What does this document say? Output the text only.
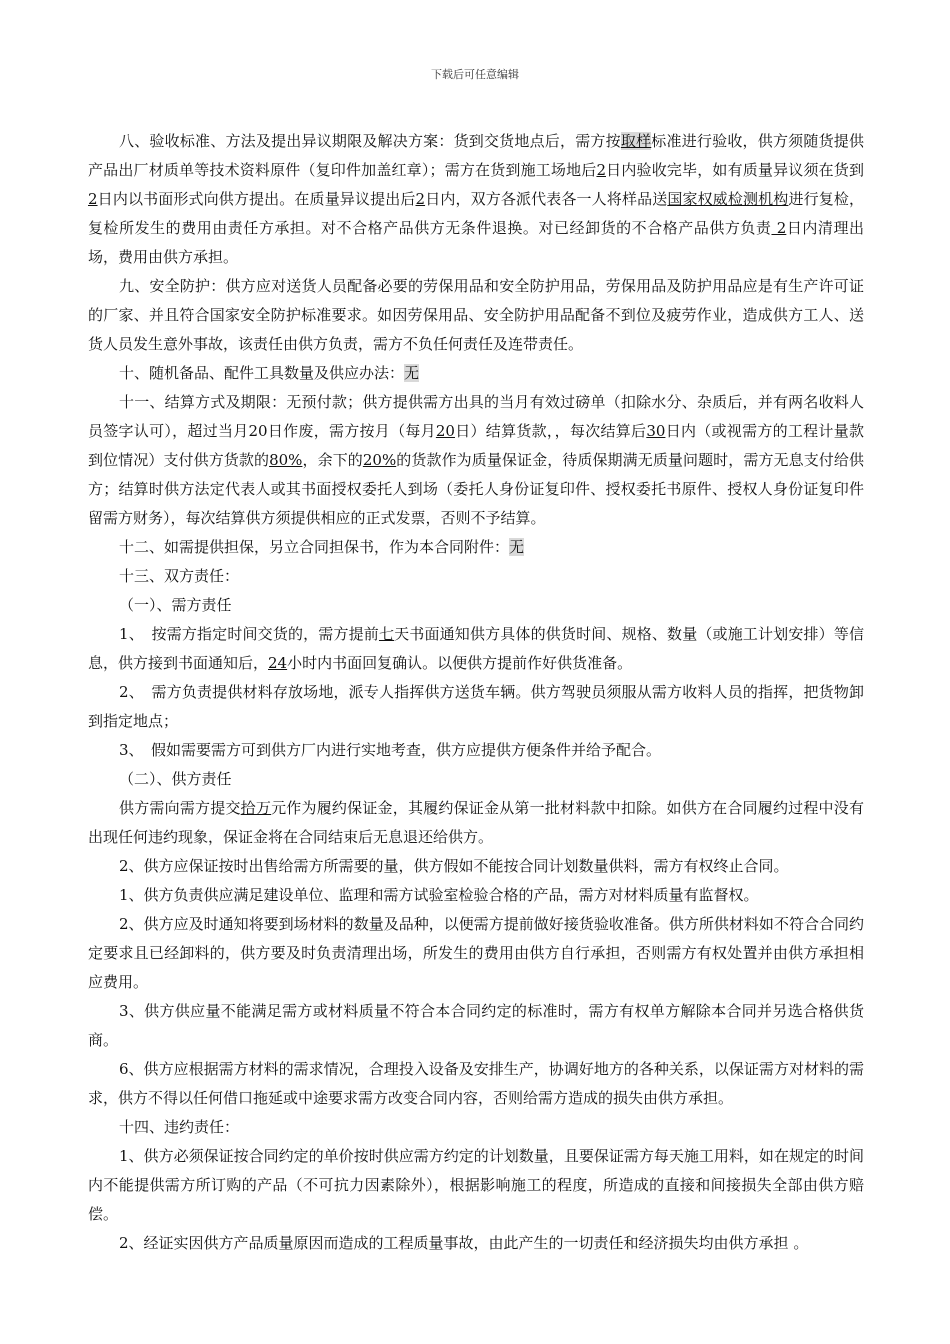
下载后可任意编辑

八、验收标准、方法及提出异议期限及解决方案：货到交货地点后，需方按取样标准进行验收，供方须随货提供产品出厂材质单等技术资料原件（复印件加盖红章）；需方在货到施工场地后2日内验收完毕，如有质量异议须在货到2日内以书面形式向供方提出。在质量异议提出后2日内，双方各派代表各一人将样品送国家权威检测机构进行复检，复检所发生的费用由责任方承担。对不合格产品供方无条件退换。对已经卸货的不合格产品供方负责 2日内清理出场，费用由供方承担。

九、安全防护：供方应对送货人员配备必要的劳保用品和安全防护用品，劳保用品及防护用品应是有生产许可证的厂家、并且符合国家安全防护标准要求。如因劳保用品、安全防护用品配备不到位及疲劳作业，造成供方工人、送货人员发生意外事故，该责任由供方负责，需方不负任何责任及连带责任。

十、随机备品、配件工具数量及供应办法：无

十一、结算方式及期限：无预付款；供方提供需方出具的当月有效过磅单（扣除水分、杂质后，并有两名收料人员签字认可），超过当月20日作废，需方按月（每月20日）结算货款，，每次结算后30日内（或视需方的工程计量款到位情况）支付供方货款的80%，余下的20%的货款作为质量保证金，待质保期满无质量问题时，需方无息支付给供方；结算时供方法定代表人或其书面授权委托人到场（委托人身份证复印件、授权委托书原件、授权人身份证复印件留需方财务），每次结算供方须提供相应的正式发票，否则不予结算。

十二、如需提供担保，另立合同担保书，作为本合同附件：无

十三、双方责任：

（一）、需方责任

1、　按需方指定时间交货的，需方提前七天书面通知供方具体的供货时间、规格、数量（或施工计划安排）等信息，供方接到书面通知后，24小时内书面回复确认。以便供方提前作好供货准备。

2、　需方负责提供材料存放场地，派专人指挥供方送货车辆。供方驾驶员须服从需方收料人员的指挥，把货物卸到指定地点；

3、　假如需要需方可到供方厂内进行实地考查，供方应提供方便条件并给予配合。

（二）、供方责任

供方需向需方提交拾万元作为履约保证金，其履约保证金从第一批材料款中扣除。如供方在合同履约过程中没有出现任何违约现象，保证金将在合同结束后无息退还给供方。

2、供方应保证按时出售给需方所需要的量，供方假如不能按合同计划数量供料，需方有权终止合同。

1、供方负责供应满足建设单位、监理和需方试验室检验合格的产品，需方对材料质量有监督权。

2、供方应及时通知将要到场材料的数量及品种，以便需方提前做好接货验收准备。供方所供材料如不符合合同约定要求且已经卸料的，供方要及时负责清理出场，所发生的费用由供方自行承担，否则需方有权处置并由供方承担相应费用。

3、供方供应量不能满足需方或材料质量不符合本合同约定的标准时，需方有权单方解除本合同并另选合格供货商。

6、供方应根据需方材料的需求情况，合理投入设备及安排生产，协调好地方的各种关系，以保证需方对材料的需求，供方不得以任何借口拖延或中途要求需方改变合同内容，否则给需方造成的损失由供方承担。

十四、违约责任：

1、供方必须保证按合同约定的单价按时供应需方约定的计划数量，且要保证需方每天施工用料，如在规定的时间内不能提供需方所订购的产品（不可抗力因素除外），根据影响施工的程度，所造成的直接和间接损失全部由供方赔偿。

2、经证实因供方产品质量原因而造成的工程质量事故，由此产生的一切责任和经济损失均由供方承担 。
